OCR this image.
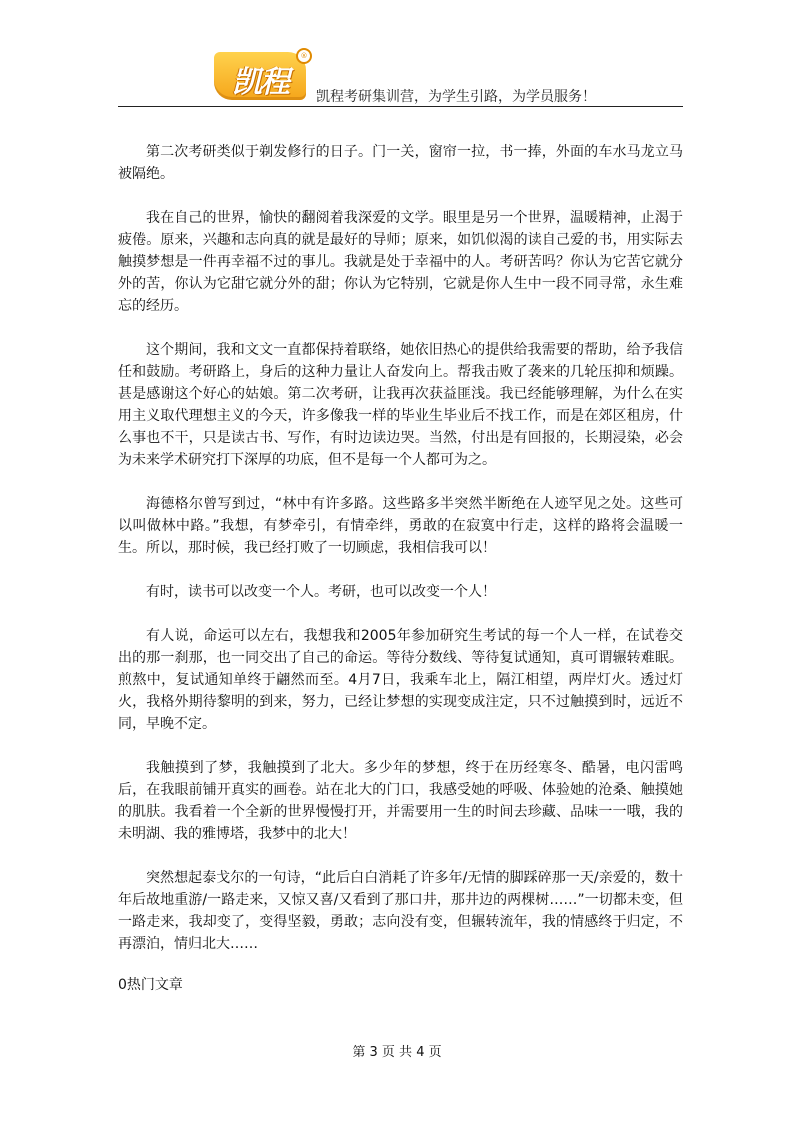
凯程
®
凯程考研集训营，为学生引路，为学员服务！

第二次考研类似于剃发修行的日子。门一关，窗帘一拉，书一捧，外面的车水马龙立马被隔绝。

我在自己的世界，愉快的翻阅着我深爱的文学。眼里是另一个世界，温暖精神，止渴于疲倦。原来，兴趣和志向真的就是最好的导师；原来，如饥似渴的读自己爱的书，用实际去触摸梦想是一件再幸福不过的事儿。我就是处于幸福中的人。考研苦吗？你认为它苦它就分外的苦，你认为它甜它就分外的甜；你认为它特别，它就是你人生中一段不同寻常，永生难忘的经历。

这个期间，我和文文一直都保持着联络，她依旧热心的提供给我需要的帮助，给予我信任和鼓励。考研路上，身后的这种力量让人奋发向上。帮我击败了袭来的几轮压抑和烦躁。甚是感谢这个好心的姑娘。第二次考研，让我再次获益匪浅。我已经能够理解，为什么在实用主义取代理想主义的今天，许多像我一样的毕业生毕业后不找工作，而是在郊区租房，什么事也不干，只是读古书、写作，有时边读边哭。当然，付出是有回报的，长期浸染，必会为未来学术研究打下深厚的功底，但不是每一个人都可为之。

海德格尔曾写到过，“林中有许多路。这些路多半突然半断绝在人迹罕见之处。这些可以叫做林中路。”我想，有梦牵引，有情牵绊，勇敢的在寂寞中行走，这样的路将会温暖一生。所以，那时候，我已经打败了一切顾虑，我相信我可以！

有时，读书可以改变一个人。考研，也可以改变一个人！

有人说，命运可以左右，我想我和2005年参加研究生考试的每一个人一样，在试卷交出的那一刹那，也一同交出了自己的命运。等待分数线、等待复试通知，真可谓辗转难眠。煎熬中，复试通知单终于翩然而至。4月7日，我乘车北上，隔江相望，两岸灯火。透过灯火，我格外期待黎明的到来，努力，已经让梦想的实现变成注定，只不过触摸到时，远近不同，早晚不定。

我触摸到了梦，我触摸到了北大。多少年的梦想，终于在历经寒冬、酷暑，电闪雷鸣后，在我眼前铺开真实的画卷。站在北大的门口，我感受她的呼吸、体验她的沧桑、触摸她的肌肤。我看着一个全新的世界慢慢打开，并需要用一生的时间去珍藏、品味一一哦，我的未明湖、我的雅博塔，我梦中的北大！

突然想起泰戈尔的一句诗，“此后白白消耗了许多年/无情的脚踩碎那一天/亲爱的，数十年后故地重游/一路走来，又惊又喜/又看到了那口井，那井边的两棵树……”一切都未变，但一路走来，我却变了，变得坚毅，勇敢；志向没有变，但辗转流年，我的情感终于归定，不再漂泊，情归北大……

0热门文章
第 3 页 共 4 页
